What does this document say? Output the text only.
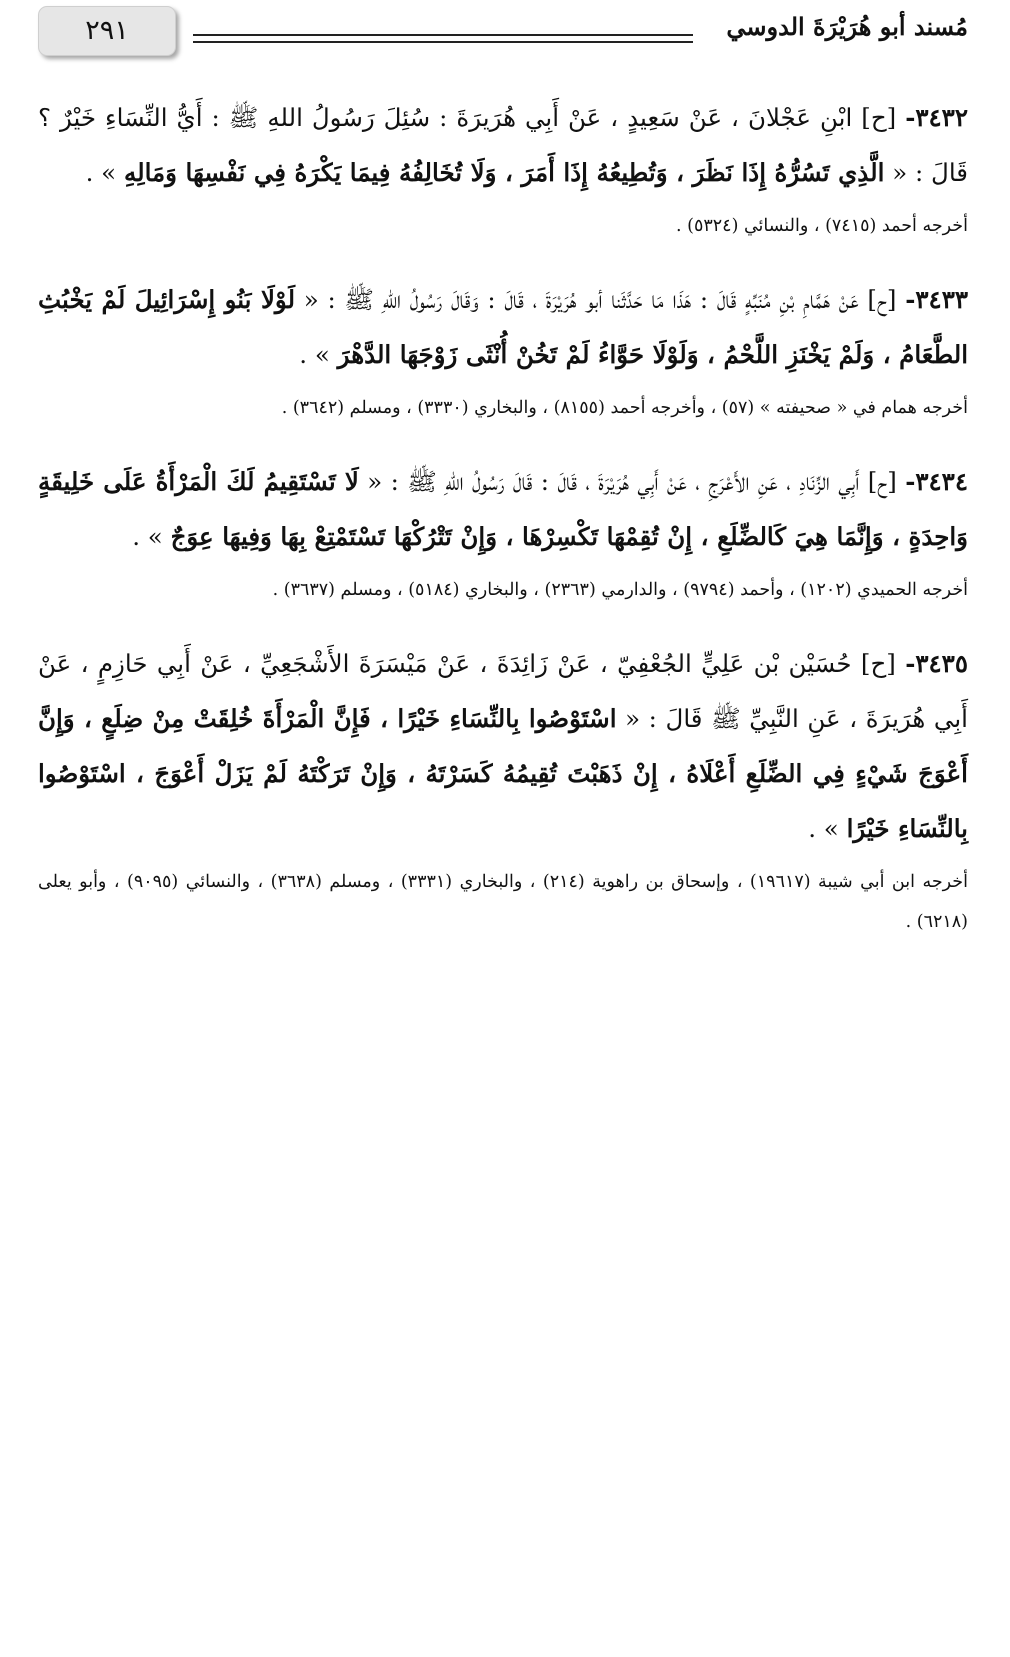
٢٩١	مُسند أبو هُرَيْرَةَ الدوسي

٣٤٣٢- [ح] ابْنِ عَجْلانَ ، عَنْ سَعِيدٍ ، عَنْ أَبِي هُرَيرَةَ : سُئِلَ رَسُولُ اللهِ ﷺ : أَيُّ النِّسَاءِ خَيْرٌ ؟ قَالَ : « الَّذِي تَسُرُّهُ إِذَا نَظَرَ ، وَتُطِيعُهُ إِذَا أَمَرَ ، وَلَا تُخَالِفُهُ فِيمَا يَكْرَهُ فِي نَفْسِهَا وَمَالِهِ » .

أخرجه أحمد (٧٤١٥) ، والنسائي (٥٣٢٤) .

٣٤٣٣- [ح] عَنْ هَمَّامِ بْنِ مُنَبِّهٍ قَالَ : هَذَا مَا حَدَّثَنا أبو هُرَيْرَةَ ، قَالَ : وَقَالَ رَسُولُ اللهِ ﷺ : « لَوْلَا بَنُو إِسْرَائِيلَ لَمْ يَخْبُثِ الطَّعَامُ ، وَلَمْ يَخْنَزِ اللَّحْمُ ، وَلَوْلَا حَوَّاءُ لَمْ تَخُنْ أُنْثَى زَوْجَهَا الدَّهْرَ » .

أخرجه همام في « صحيفته » (٥٧) ، وأخرجه أحمد (٨١٥٥) ، والبخاري (٣٣٣٠) ، ومسلم (٣٦٤٢) .

٣٤٣٤- [ح] أَبِي الزِّنَادِ ، عَنِ الأَعْرَجِ ، عَنْ أَبِي هُرَيْرَةَ ، قَالَ : قَالَ رَسُولُ اللهِ ﷺ : « لَا تَسْتَقِيمُ لَكَ الْمَرْأَةُ عَلَى خَلِيقَةٍ وَاحِدَةٍ ، وَإِنَّمَا هِيَ كَالضِّلَعِ ، إِنْ تُقِمْهَا تَكْسِرْهَا ، وَإِنْ تَتْرُكْهَا تَسْتَمْتِعْ بِهَا وَفِيهَا عِوَجٌ » .

أخرجه الحميدي (١٢٠٢) ، وأحمد (٩٧٩٤) ، والدارمي (٢٣٦٣) ، والبخاري (٥١٨٤) ، ومسلم (٣٦٣٧) .

٣٤٣٥- [ح] حُسَيْن بْن عَلِيٍّ الجُعْفِيّ ، عَنْ زَائِدَةَ ، عَنْ مَيْسَرَةَ الأَشْجَعِيِّ ، عَنْ أَبِي حَازِمٍ ، عَنْ أَبِي هُرَيرَةَ ، عَنِ النَّبِيِّ ﷺ قَالَ : « اسْتَوْصُوا بِالنِّسَاءِ خَيْرًا ، فَإِنَّ الْمَرْأَةَ خُلِقَتْ مِنْ ضِلَعٍ ، وَإِنَّ أَعْوَجَ شَيْءٍ فِي الضِّلَعِ أَعْلَاهُ ، إِنْ ذَهَبْتَ تُقِيمُهُ كَسَرْتَهُ ، وَإِنْ تَرَكْتَهُ لَمْ يَزَلْ أَعْوَجَ ، اسْتَوْصُوا بِالنِّسَاءِ خَيْرًا » .

أخرجه ابن أبي شيبة (١٩٦١٧) ، وإسحاق بن راهوية (٢١٤) ، والبخاري (٣٣٣١) ، ومسلم (٣٦٣٨) ، والنسائي (٩٠٩٥) ، وأبو يعلى (٦٢١٨) .
